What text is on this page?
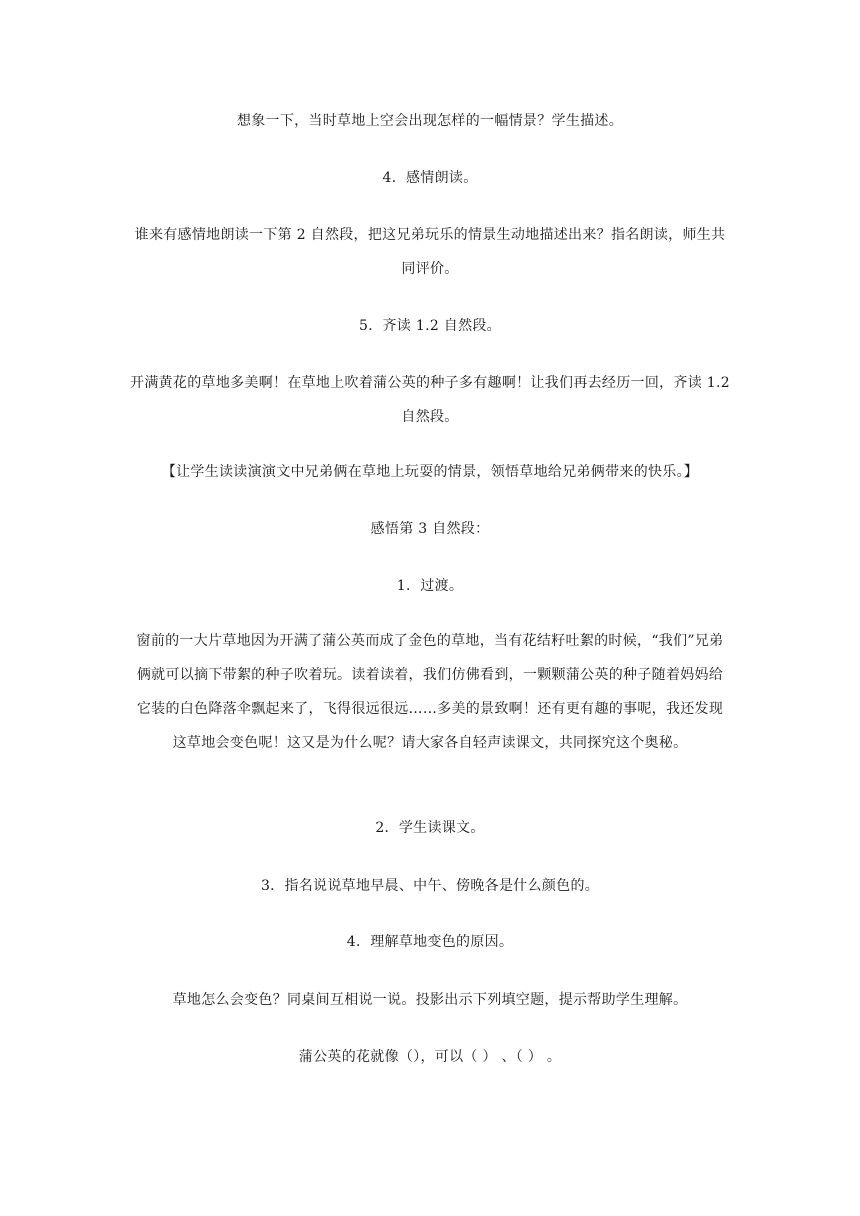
想象一下，当时草地上空会出现怎样的一幅情景？学生描述。
4．感情朗读。
谁来有感情地朗读一下第 2 自然段，把这兄弟玩乐的情景生动地描述出来？指名朗读，师生共同评价。
5．齐读 1.2 自然段。
开满黄花的草地多美啊！在草地上吹着蒲公英的种子多有趣啊！让我们再去经历一回，齐读 1.2 自然段。
【让学生读读演演文中兄弟俩在草地上玩耍的情景，领悟草地给兄弟俩带来的快乐。】
感悟第 3 自然段：
1．过渡。
窗前的一大片草地因为开满了蒲公英而成了金色的草地，当有花结籽吐絮的时候，“我们”兄弟俩就可以摘下带絮的种子吹着玩。读着读着，我们仿佛看到，一颗颗蒲公英的种子随着妈妈给它装的白色降落伞飘起来了，飞得很远很远……多美的景致啊！还有更有趣的事呢，我还发现这草地会变色呢！这又是为什么呢？请大家各自轻声读课文，共同探究这个奥秘。
2．学生读课文。
3．指名说说草地早晨、中午、傍晚各是什么颜色的。
4．理解草地变色的原因。
草地怎么会变色？同桌间互相说一说。投影出示下列填空题，提示帮助学生理解。
蒲公英的花就像（），可以（ ） 、（ ） 。
